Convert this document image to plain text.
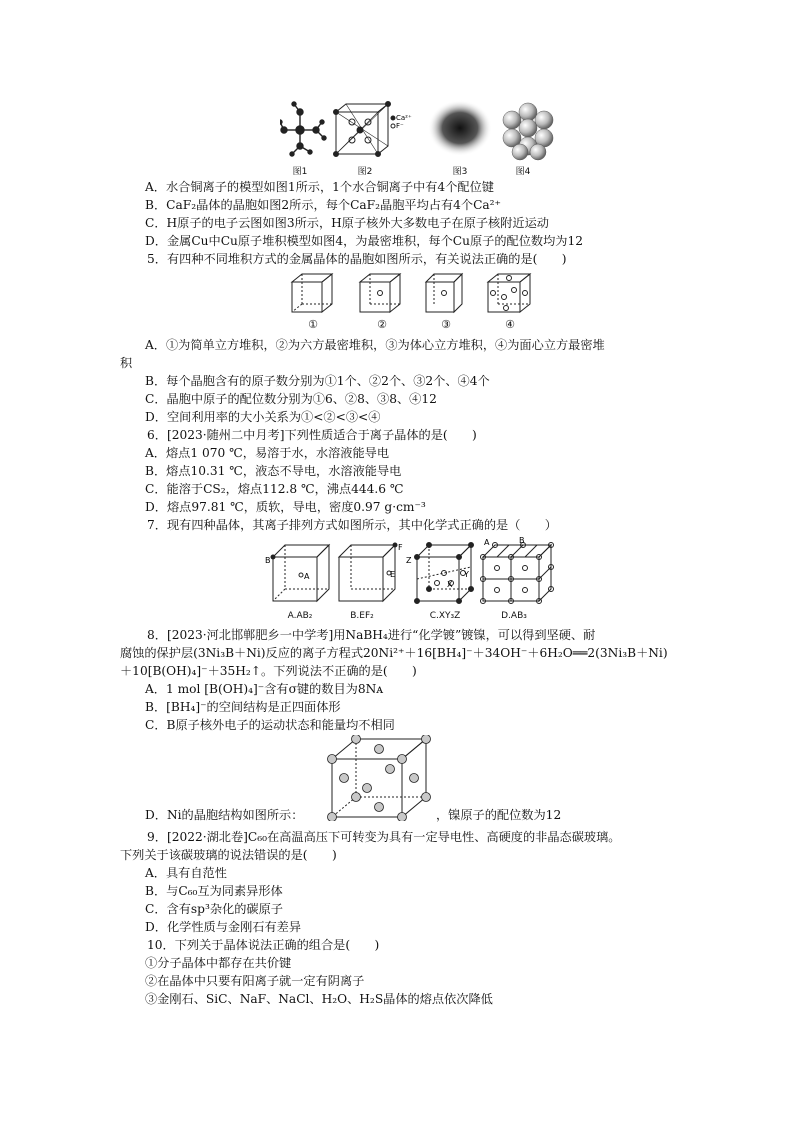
Ca²⁺
F⁻
图1	图2	图3	图4
A．水合铜离子的模型如图1所示，1个水合铜离子中有4个配位键
B．CaF₂晶体的晶胞如图2所示，每个CaF₂晶胞平均占有4个Ca²⁺
C．H原子的电子云图如图3所示，H原子核外大多数电子在原子核附近运动
D．金属Cu中Cu原子堆积模型如图4，为最密堆积，每个Cu原子的配位数均为12
5．有四种不同堆积方式的金属晶体的晶胞如图所示，有关说法正确的是(　　)
①	②	③	④
A．①为简单立方堆积，②为六方最密堆积，③为体心立方堆积，④为面心立方最密堆
积
B．每个晶胞含有的原子数分别为①1个、②2个、③2个、④4个
C．晶胞中原子的配位数分别为①6、②8、③8、④12
D．空间利用率的大小关系为①<②<③<④
6．[2023·随州二中月考]下列性质适合于离子晶体的是(　　)
A．熔点1 070 ℃，易溶于水，水溶液能导电
B．熔点10.31 ℃，液态不导电，水溶液能导电
C．能溶于CS₂，熔点112.8 ℃，沸点444.6 ℃
D．熔点97.81 ℃，质软，导电，密度0.97 g·cm⁻³
7．现有四种晶体，其离子排列方式如图所示，其中化学式正确的是（　　）
B
A
F
E
Z
Y
X
A	B
A.AB₂	B.EF₂	C.XY₃Z	D.AB₃
8．[2023·河北邯郸肥乡一中学考]用NaBH₄进行“化学镀”镀镍，可以得到坚硬、耐
腐蚀的保护层(3Ni₃B＋Ni)反应的离子方程式20Ni²⁺＋16[BH₄]⁻＋34OH⁻＋6H₂O══2(3Ni₃B＋Ni)
＋10[B(OH)₄]⁻＋35H₂↑。下列说法不正确的是(　　)
A．1 mol [B(OH)₄]⁻含有σ键的数目为8Nᴀ
B．[BH₄]⁻的空间结构是正四面体形
C．B原子核外电子的运动状态和能量均不相同
D．Ni的晶胞结构如图所示：	，镍原子的配位数为12
9．[2022·湖北卷]C₆₀在高温高压下可转变为具有一定导电性、高硬度的非晶态碳玻璃。
下列关于该碳玻璃的说法错误的是(　　)
A．具有自范性
B．与C₆₀互为同素异形体
C．含有sp³杂化的碳原子
D．化学性质与金刚石有差异
10．下列关于晶体说法正确的组合是(　　)
①分子晶体中都存在共价键
②在晶体中只要有阳离子就一定有阴离子
③金刚石、SiC、NaF、NaCl、H₂O、H₂S晶体的熔点依次降低
